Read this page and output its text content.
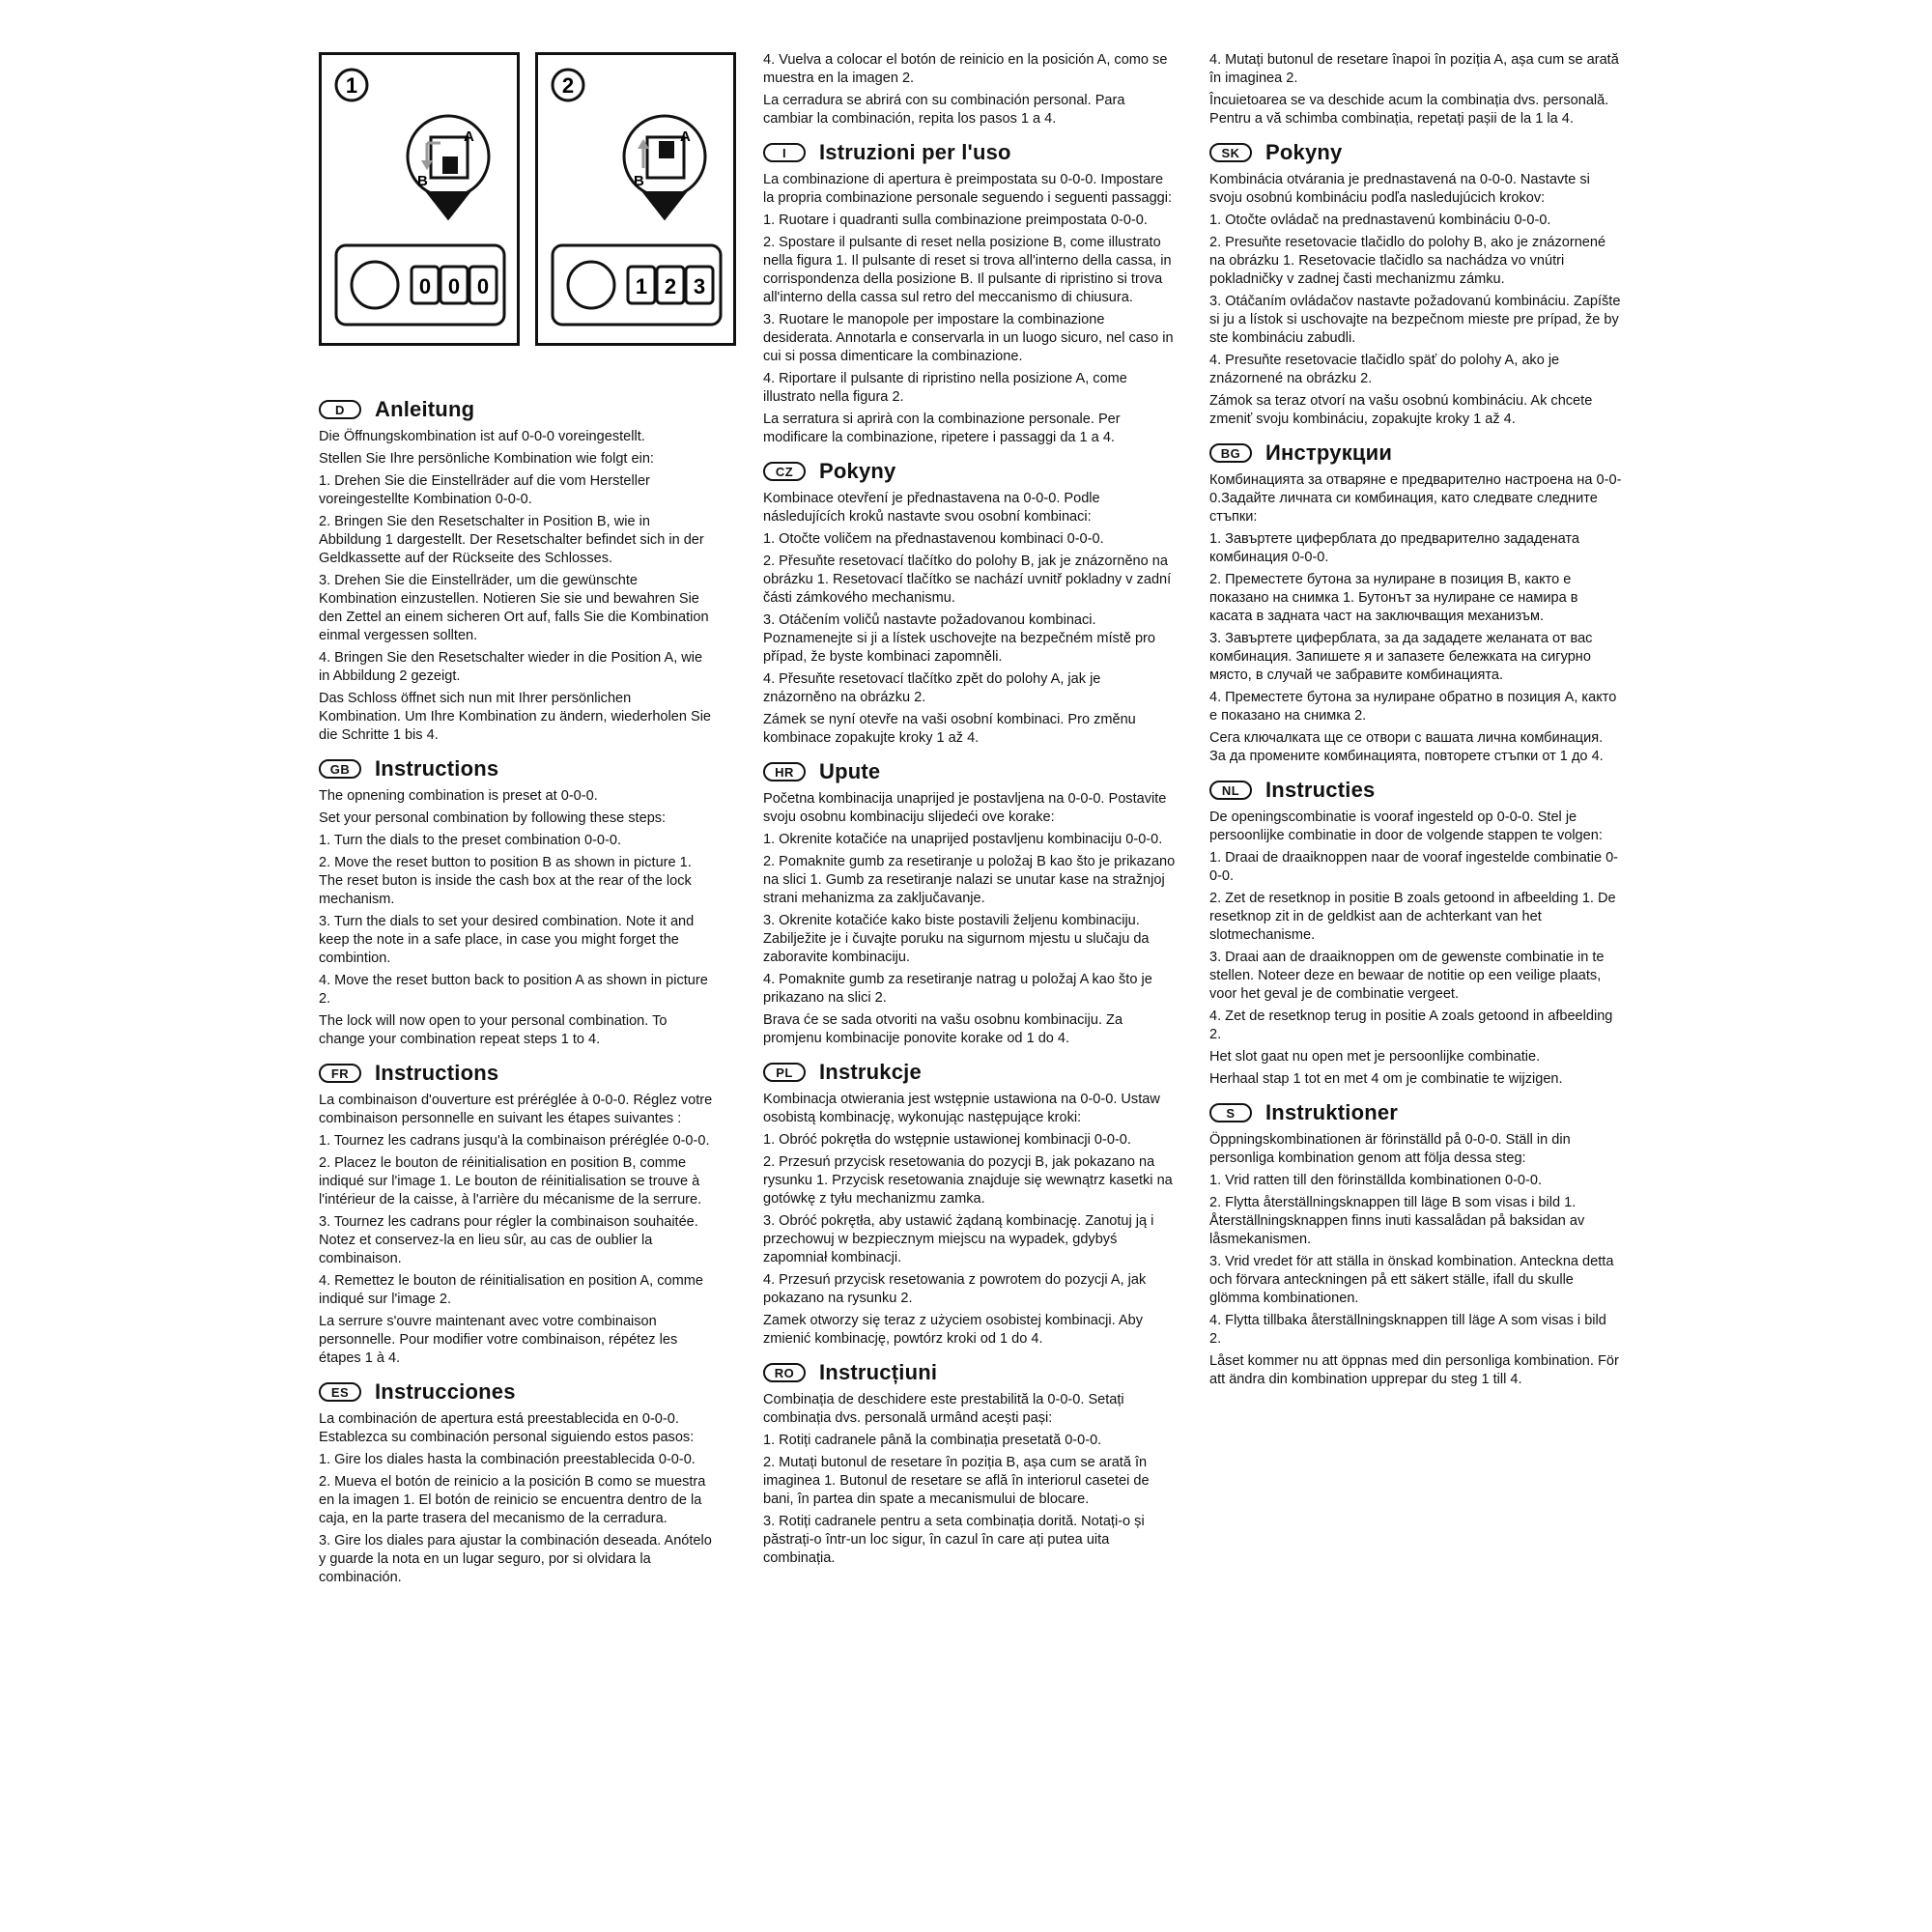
1
A
B
0 0 0
2
A
B
1 2 3
D	Anleitung

Die Öffnungskombination ist auf 0-0-0 voreingestellt.

Stellen Sie Ihre persönliche Kombination wie folgt ein:

1. Drehen Sie die Einstellräder auf die vom Hersteller voreingestellte Kombination 0-0-0.

2. Bringen Sie den Resetschalter in Position B, wie in Abbildung 1 dargestellt. Der Resetschalter befindet sich in der Geldkassette auf der Rückseite des Schlosses.

3. Drehen Sie die Einstellräder, um die gewünschte Kombination einzustellen. Notieren Sie sie und bewahren Sie den Zettel an einem sicheren Ort auf, falls Sie die Kombination einmal vergessen sollten.

4. Bringen Sie den Resetschalter wieder in die Position A, wie in Abbildung 2 gezeigt.

Das Schloss öffnet sich nun mit Ihrer persönlichen Kombination. Um Ihre Kombination zu ändern, wiederholen Sie die Schritte 1 bis 4.

GB	Instructions

The opnening combination is preset at 0-0-0.

Set your personal combination by following these steps:

1. Turn the dials to the preset combination 0-0-0.

2. Move the reset button to position B as shown in picture 1. The reset buton is inside the cash box at the rear of the lock mechanism.

3. Turn the dials to set your desired combination. Note it and keep the note in a safe place, in case you might forget the combintion.

4. Move the reset button back to position A as shown in picture 2.

The lock will now open to your personal combination. To change your combination repeat steps 1 to 4.

FR	Instructions

La combinaison d'ouverture est préréglée à 0-0-0. Réglez votre combinaison personnelle en suivant les étapes suivantes :

1. Tournez les cadrans jusqu'à la combinaison préréglée 0-0-0.

2. Placez le bouton de réinitialisation en position B, comme indiqué sur l'image 1. Le bouton de réinitialisation se trouve à l'intérieur de la caisse, à l'arrière du mécanisme de la serrure.

3. Tournez les cadrans pour régler la combinaison souhaitée. Notez et conservez-la en lieu sûr, au cas de oublier la combinaison.

4. Remettez le bouton de réinitialisation en position A, comme indiqué sur l'image 2.

La serrure s'ouvre maintenant avec votre combinaison personnelle. Pour modifier votre combinaison, répétez les étapes 1 à 4.

ES	Instrucciones

La combinación de apertura está preestablecida en 0-0-0. Establezca su combinación personal siguiendo estos pasos:

1. Gire los diales hasta la combinación preestablecida 0-0-0.

2. Mueva el botón de reinicio a la posición B como se muestra en la imagen 1. El botón de reinicio se encuentra dentro de la caja, en la parte trasera del mecanismo de la cerradura.

3. Gire los diales para ajustar la combinación deseada. Anótelo y guarde la nota en un lugar seguro, por si olvidara la combinación.

4. Vuelva a colocar el botón de reinicio en la posición A, como se muestra en la imagen 2.

La cerradura se abrirá con su combinación personal. Para cambiar la combinación, repita los pasos 1 a 4.

I	Istruzioni per l'uso

La combinazione di apertura è preimpostata su 0-0-0. Impostare la propria combinazione personale seguendo i seguenti passaggi:

1. Ruotare i quadranti sulla combinazione preimpostata 0-0-0.

2. Spostare il pulsante di reset nella posizione B, come illustrato nella figura 1. Il pulsante di reset si trova all'interno della cassa, in corrispondenza della posizione B. Il pulsante di ripristino si trova all'interno della cassa sul retro del meccanismo di chiusura.

3. Ruotare le manopole per impostare la combinazione desiderata. Annotarla e conservarla in un luogo sicuro, nel caso in cui si possa dimenticare la combinazione.

4. Riportare il pulsante di ripristino nella posizione A, come illustrato nella figura 2.

La serratura si aprirà con la combinazione personale. Per modificare la combinazione, ripetere i passaggi da 1 a 4.

CZ	Pokyny

Kombinace otevření je přednastavena na 0-0-0. Podle následujících kroků nastavte svou osobní kombinaci:

1. Otočte voličem na přednastavenou kombinaci 0-0-0.

2. Přesuňte resetovací tlačítko do polohy B, jak je znázorněno na obrázku 1. Resetovací tlačítko se nachází uvnitř pokladny v zadní části zámkového mechanismu.

3. Otáčením voličů nastavte požadovanou kombinaci. Poznamenejte si ji a lístek uschovejte na bezpečném místě pro případ, že byste kombinaci zapomněli.

4. Přesuňte resetovací tlačítko zpět do polohy A, jak je znázorněno na obrázku 2.

Zámek se nyní otevře na vaši osobní kombinaci. Pro změnu kombinace zopakujte kroky 1 až 4.

HR	Upute

Početna kombinacija unaprijed je postavljena na 0-0-0. Postavite svoju osobnu kombinaciju slijedeći ove korake:

1. Okrenite kotačiće na unaprijed postavljenu kombinaciju 0-0-0.

2. Pomaknite gumb za resetiranje u položaj B kao što je prikazano na slici 1. Gumb za resetiranje nalazi se unutar kase na stražnjoj strani mehanizma za zaključavanje.

3. Okrenite kotačiće kako biste postavili željenu kombinaciju. Zabilježite je i čuvajte poruku na sigurnom mjestu u slučaju da zaboravite kombinaciju.

4. Pomaknite gumb za resetiranje natrag u položaj A kao što je prikazano na slici 2.

Brava će se sada otvoriti na vašu osobnu kombinaciju. Za promjenu kombinacije ponovite korake od 1 do 4.

PL	Instrukcje

Kombinacja otwierania jest wstępnie ustawiona na 0-0-0. Ustaw osobistą kombinację, wykonując następujące kroki:

1. Obróć pokrętła do wstępnie ustawionej kombinacji 0-0-0.

2. Przesuń przycisk resetowania do pozycji B, jak pokazano na rysunku 1. Przycisk resetowania znajduje się wewnątrz kasetki na gotówkę z tyłu mechanizmu zamka.

3. Obróć pokrętła, aby ustawić żądaną kombinację. Zanotuj ją i przechowuj w bezpiecznym miejscu na wypadek, gdybyś zapomniał kombinacji.

4. Przesuń przycisk resetowania z powrotem do pozycji A, jak pokazano na rysunku 2.

Zamek otworzy się teraz z użyciem osobistej kombinacji. Aby zmienić kombinację, powtórz kroki od 1 do 4.

RO	Instrucțiuni

Combinația de deschidere este prestabilită la 0-0-0. Setați combinația dvs. personală urmând acești pași:

1. Rotiți cadranele până la combinația presetată 0-0-0.

2. Mutați butonul de resetare în poziția B, așa cum se arată în imaginea 1. Butonul de resetare se află în interiorul casetei de bani, în partea din spate a mecanismului de blocare.

3. Rotiți cadranele pentru a seta combinația dorită. Notați-o și păstrați-o într-un loc sigur, în cazul în care ați putea uita combinația.

4. Mutați butonul de resetare înapoi în poziția A, așa cum se arată în imaginea 2.

Încuietoarea se va deschide acum la combinația dvs. personală. Pentru a vă schimba combinația, repetați pașii de la 1 la 4.

SK	Pokyny

Kombinácia otvárania je prednastavená na 0-0-0. Nastavte si svoju osobnú kombináciu podľa nasledujúcich krokov:

1. Otočte ovládač na prednastavenú kombináciu 0-0-0.

2. Presuňte resetovacie tlačidlo do polohy B, ako je znázornené na obrázku 1. Resetovacie tlačidlo sa nachádza vo vnútri pokladničky v zadnej časti mechanizmu zámku.

3. Otáčaním ovládačov nastavte požadovanú kombináciu. Zapíšte si ju a lístok si uschovajte na bezpečnom mieste pre prípad, že by ste kombináciu zabudli.

4. Presuňte resetovacie tlačidlo späť do polohy A, ako je znázornené na obrázku 2.

Zámok sa teraz otvorí na vašu osobnú kombináciu. Ak chcete zmeniť svoju kombináciu, zopakujte kroky 1 až 4.

BG	Инструкции

Комбинацията за отваряне е предварително настроена на 0-0-0.Задайте личната си комбинация, като следвате следните стъпки:

1. Завъртете циферблата до предварително зададената комбинация 0-0-0.

2. Преместете бутона за нулиране в позиция B, както е показано на снимка 1. Бутонът за нулиране се намира в касата в задната част на заключващия механизъм.

3. Завъртете циферблата, за да зададете желаната от вас комбинация. Запишете я и запазете бележката на сигурно място, в случай че забравите комбинацията.

4. Преместете бутона за нулиране обратно в позиция A, както е показано на снимка 2.

Сега ключалката ще се отвори с вашата лична комбинация. За да промените комбинацията, повторете стъпки от 1 до 4.

NL	Instructies

De openingscombinatie is vooraf ingesteld op 0-0-0. Stel je persoonlijke combinatie in door de volgende stappen te volgen:

1. Draai de draaiknoppen naar de vooraf ingestelde combinatie 0-0-0.

2. Zet de resetknop in positie B zoals getoond in afbeelding 1. De resetknop zit in de geldkist aan de achterkant van het slotmechanisme.

3. Draai aan de draaiknoppen om de gewenste combinatie in te stellen. Noteer deze en bewaar de notitie op een veilige plaats, voor het geval je de combinatie vergeet.

4. Zet de resetknop terug in positie A zoals getoond in afbeelding 2.

Het slot gaat nu open met je persoonlijke combinatie.

Herhaal stap 1 tot en met 4 om je combinatie te wijzigen.

S	Instruktioner

Öppningskombinationen är förinställd på 0-0-0. Ställ in din personliga kombination genom att följa dessa steg:

1. Vrid ratten till den förinställda kombinationen 0-0-0.

2. Flytta återställningsknappen till läge B som visas i bild 1. Återställningsknappen finns inuti kassalådan på baksidan av låsmekanismen.

3. Vrid vredet för att ställa in önskad kombination. Anteckna detta och förvara anteckningen på ett säkert ställe, ifall du skulle glömma kombinationen.

4. Flytta tillbaka återställningsknappen till läge A som visas i bild 2.

Låset kommer nu att öppnas med din personliga kombination. För att ändra din kombination upprepar du steg 1 till 4.
